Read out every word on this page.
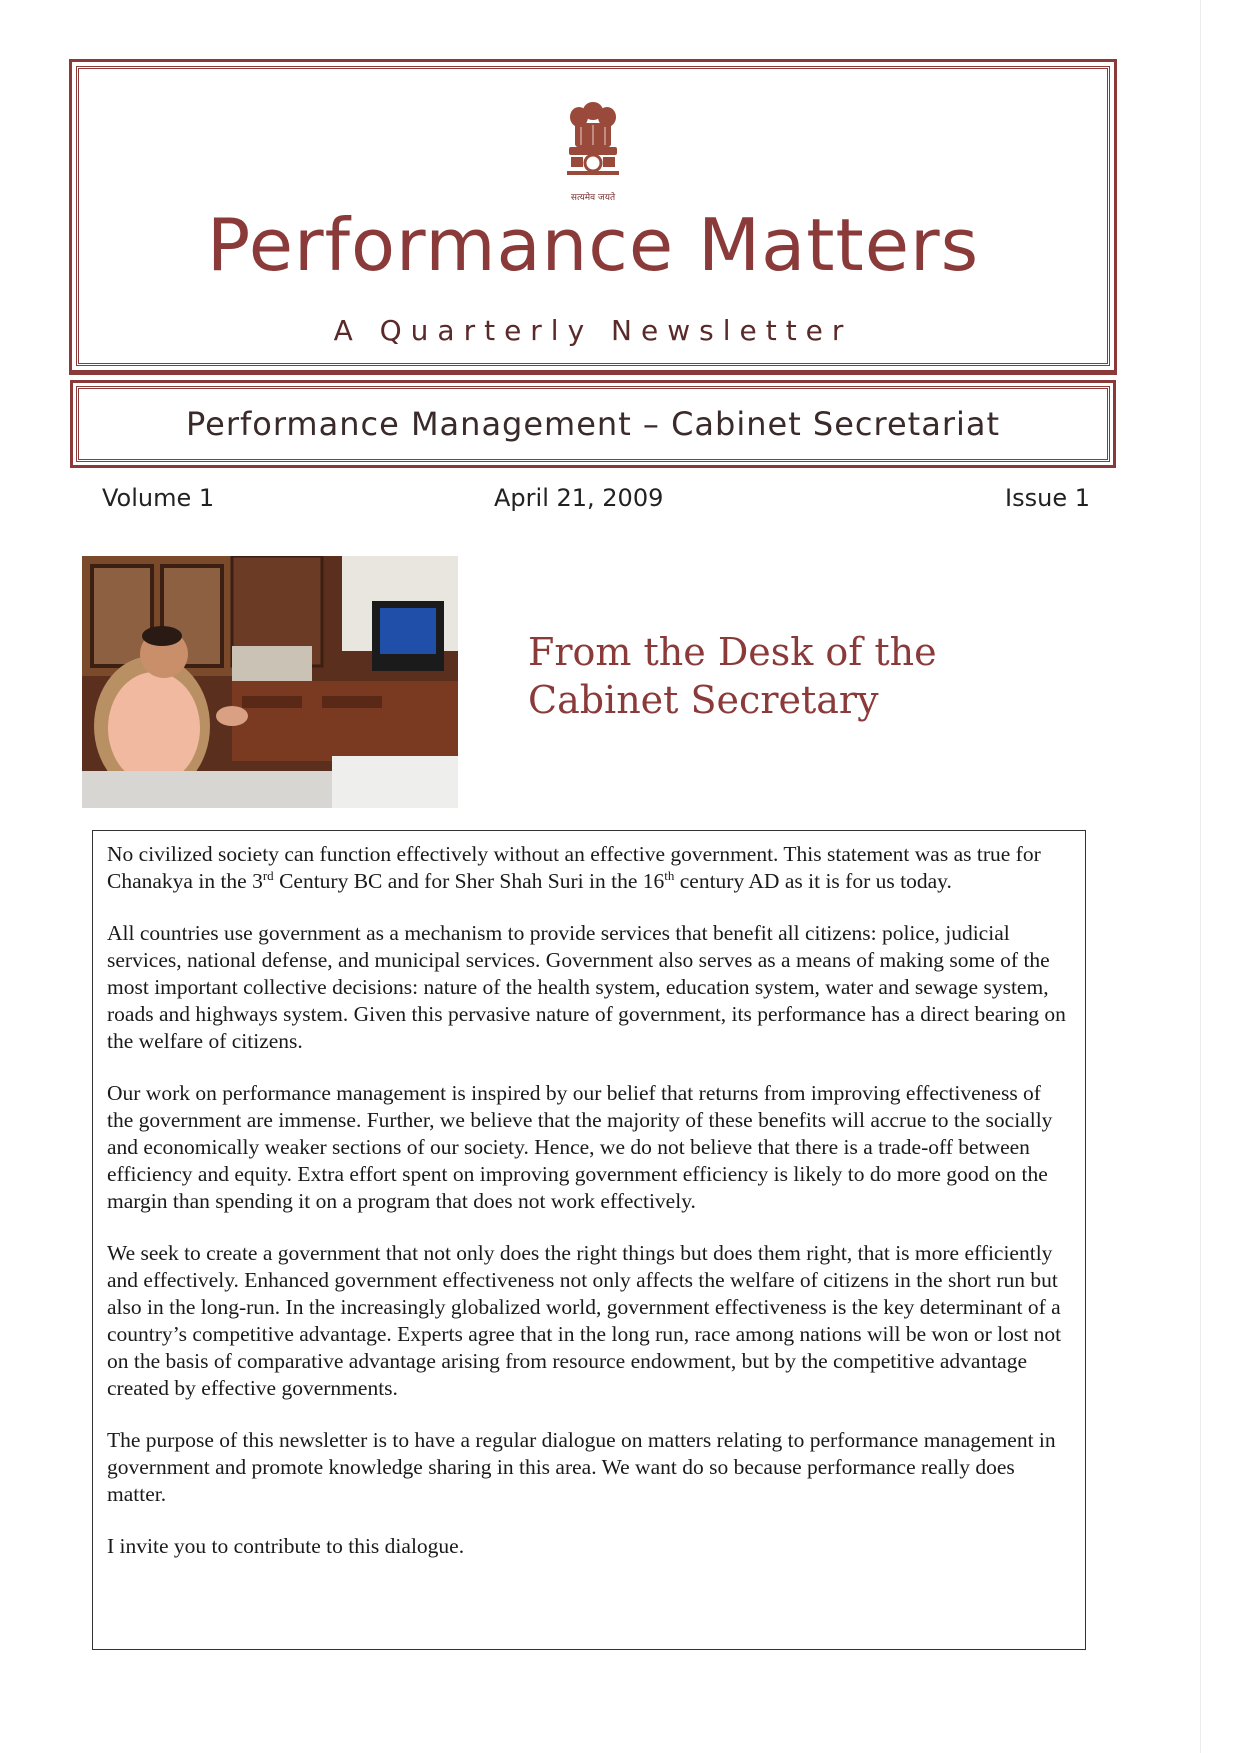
सत्यमेव जयते
Performance Matters
A Quarterly Newsletter
Performance Management – Cabinet Secretariat
Volume 1	April 21, 2009	Issue 1
From the Desk of the
Cabinet Secretary

No civilized society can function effectively without an effective government. This statement was as true for Chanakya in the 3rd Century BC and for Sher Shah Suri in the 16th century AD as it is for us today.

All countries use government as a mechanism to provide services that benefit all citizens: police, judicial services, national defense, and municipal services. Government also serves as a means of making some of the most important collective decisions: nature of the health system, education system, water and sewage system, roads and highways system. Given this pervasive nature of government, its performance has a direct bearing on the welfare of citizens.

Our work on performance management is inspired by our belief that returns from improving effectiveness of the government are immense. Further, we believe that the majority of these benefits will accrue to the socially and economically weaker sections of our society. Hence, we do not believe that there is a trade-off between efficiency and equity. Extra effort spent on improving government efficiency is likely to do more good on the margin than spending it on a program that does not work effectively.

We seek to create a government that not only does the right things but does them right, that is more efficiently and effectively. Enhanced government effectiveness not only affects the welfare of citizens in the short run but also in the long-run. In the increasingly globalized world, government effectiveness is the key determinant of a country’s competitive advantage. Experts agree that in the long run, race among nations will be won or lost not on the basis of comparative advantage arising from resource endowment, but by the competitive advantage created by effective governments.

The purpose of this newsletter is to have a regular dialogue on matters relating to performance management in government and promote knowledge sharing in this area. We want do so because performance really does matter.

I invite you to contribute to this dialogue.
